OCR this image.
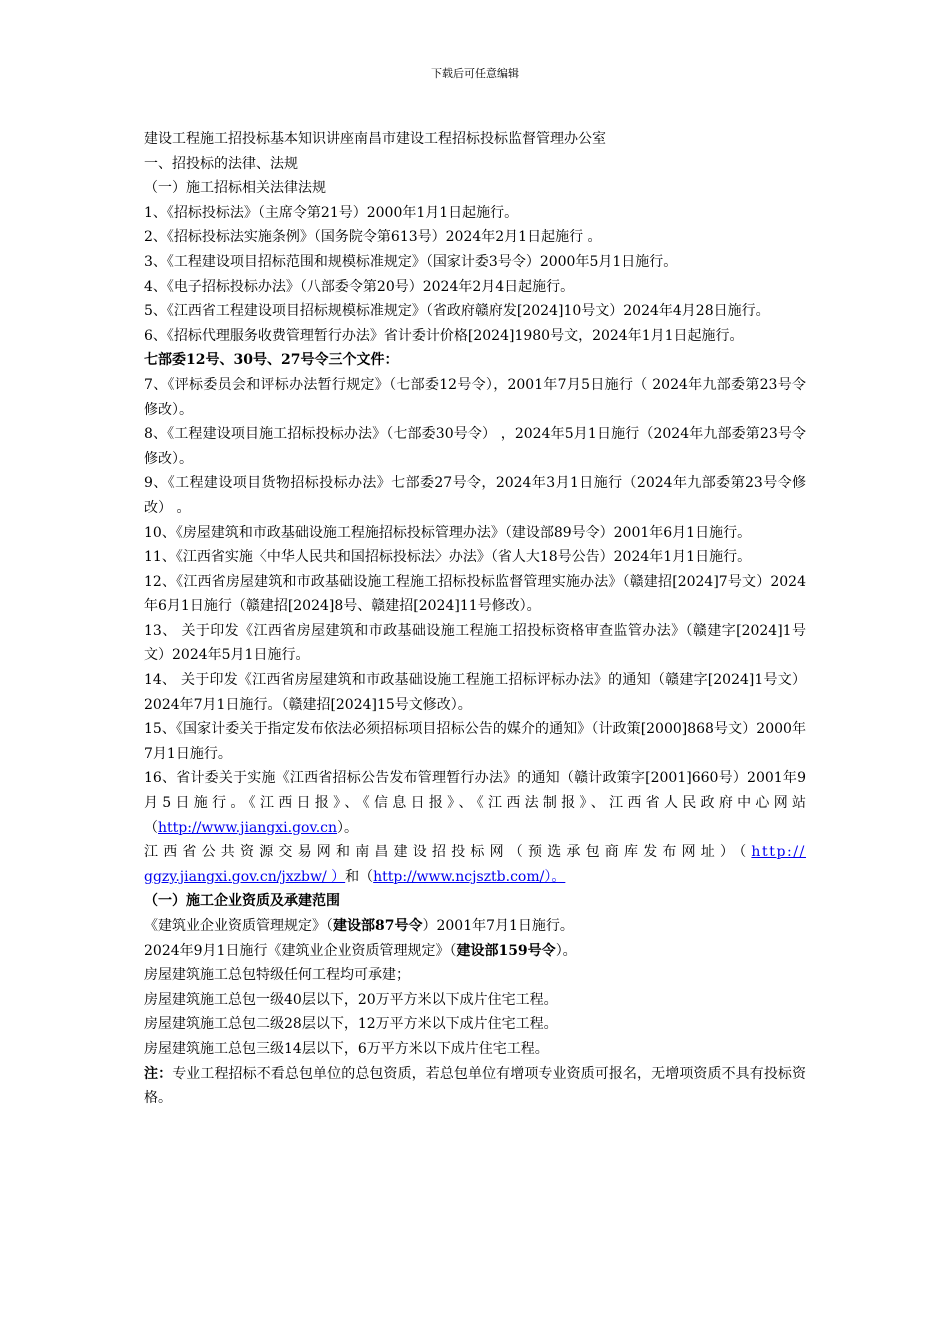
下载后可任意编辑

建设工程施工招投标基本知识讲座南昌市建设工程招标投标监督管理办公室

一、招投标的法律、法规

（一）施工招标相关法律法规

1、《招标投标法》（主席令第21号）2000年1月1日起施行。

2、《招标投标法实施条例》（国务院令第613号）2024年2月1日起施行 。

3、《工程建设项目招标范围和规模标准规定》（国家计委3号令）2000年5月1日施行。

4、《电子招标投标办法》（八部委令第20号）2024年2月4日起施行。

5、《江西省工程建设项目招标规模标准规定》（省政府赣府发[2024]10号文）2024年4月28日施行。

6、《招标代理服务收费管理暂行办法》省计委计价格[2024]1980号文，2024年1月1日起施行。

七部委12号、30号、27号令三个文件：

7、《评标委员会和评标办法暂行规定》（七部委12号令），2001年7月5日施行（ 2024年九部委第23号令修改）。

8、《工程建设项目施工招标投标办法》（七部委30号令） ，2024年5月1日施行（2024年九部委第23号令修改）。

9、《工程建设项目货物招标投标办法》七部委27号令，2024年3月1日施行（2024年九部委第23号令修改） 。

10、《房屋建筑和市政基础设施工程施招标投标管理办法》（建设部89号令）2001年6月1日施行。

11、《江西省实施〈中华人民共和国招标投标法〉办法》（省人大18号公告）2024年1月1日施行。

12、《江西省房屋建筑和市政基础设施工程施工招标投标监督管理实施办法》（赣建招[2024]7号文）2024年6月1日施行（赣建招[2024]8号、赣建招[2024]11号修改）。

13、 关于印发《江西省房屋建筑和市政基础设施工程施工招投标资格审查监管办法》（赣建字[2024]1号文）2024年5月1日施行。

14、 关于印发《江西省房屋建筑和市政基础设施工程施工招标评标办法》的通知（赣建字[2024]1号文）2024年7月1日施行。（赣建招[2024]15号文修改）。

15、《国家计委关于指定发布依法必须招标项目招标公告的媒介的通知》（计政策[2000]868号文）2000年7月1日施行。

16、省计委关于实施《江西省招标公告发布管理暂行办法》的通知（赣计政策字[2001]660号）2001年9月5日施行。《江西日报》、《信息日报》、《江西法制报》、江西省人民政府中心网站（http://www.jiangxi.gov.cn）。

江西省公共资源交易网和南昌建设招投标网（预选承包商库发布网址）（http://

ggzy.jiangxi.gov.cn/jxzbw/ ）和（http://www.ncjsztb.com/）。

（一）施工企业资质及承建范围

《建筑业企业资质管理规定》（建设部87号令）2001年7月1日施行。

2024年9月1日施行《建筑业企业资质管理规定》（建设部159号令）。

房屋建筑施工总包特级任何工程均可承建；

房屋建筑施工总包一级40层以下，20万平方米以下成片住宅工程。

房屋建筑施工总包二级28层以下，12万平方米以下成片住宅工程。

房屋建筑施工总包三级14层以下，6万平方米以下成片住宅工程。

注：专业工程招标不看总包单位的总包资质，若总包单位有增项专业资质可报名，无增项资质不具有投标资格。
